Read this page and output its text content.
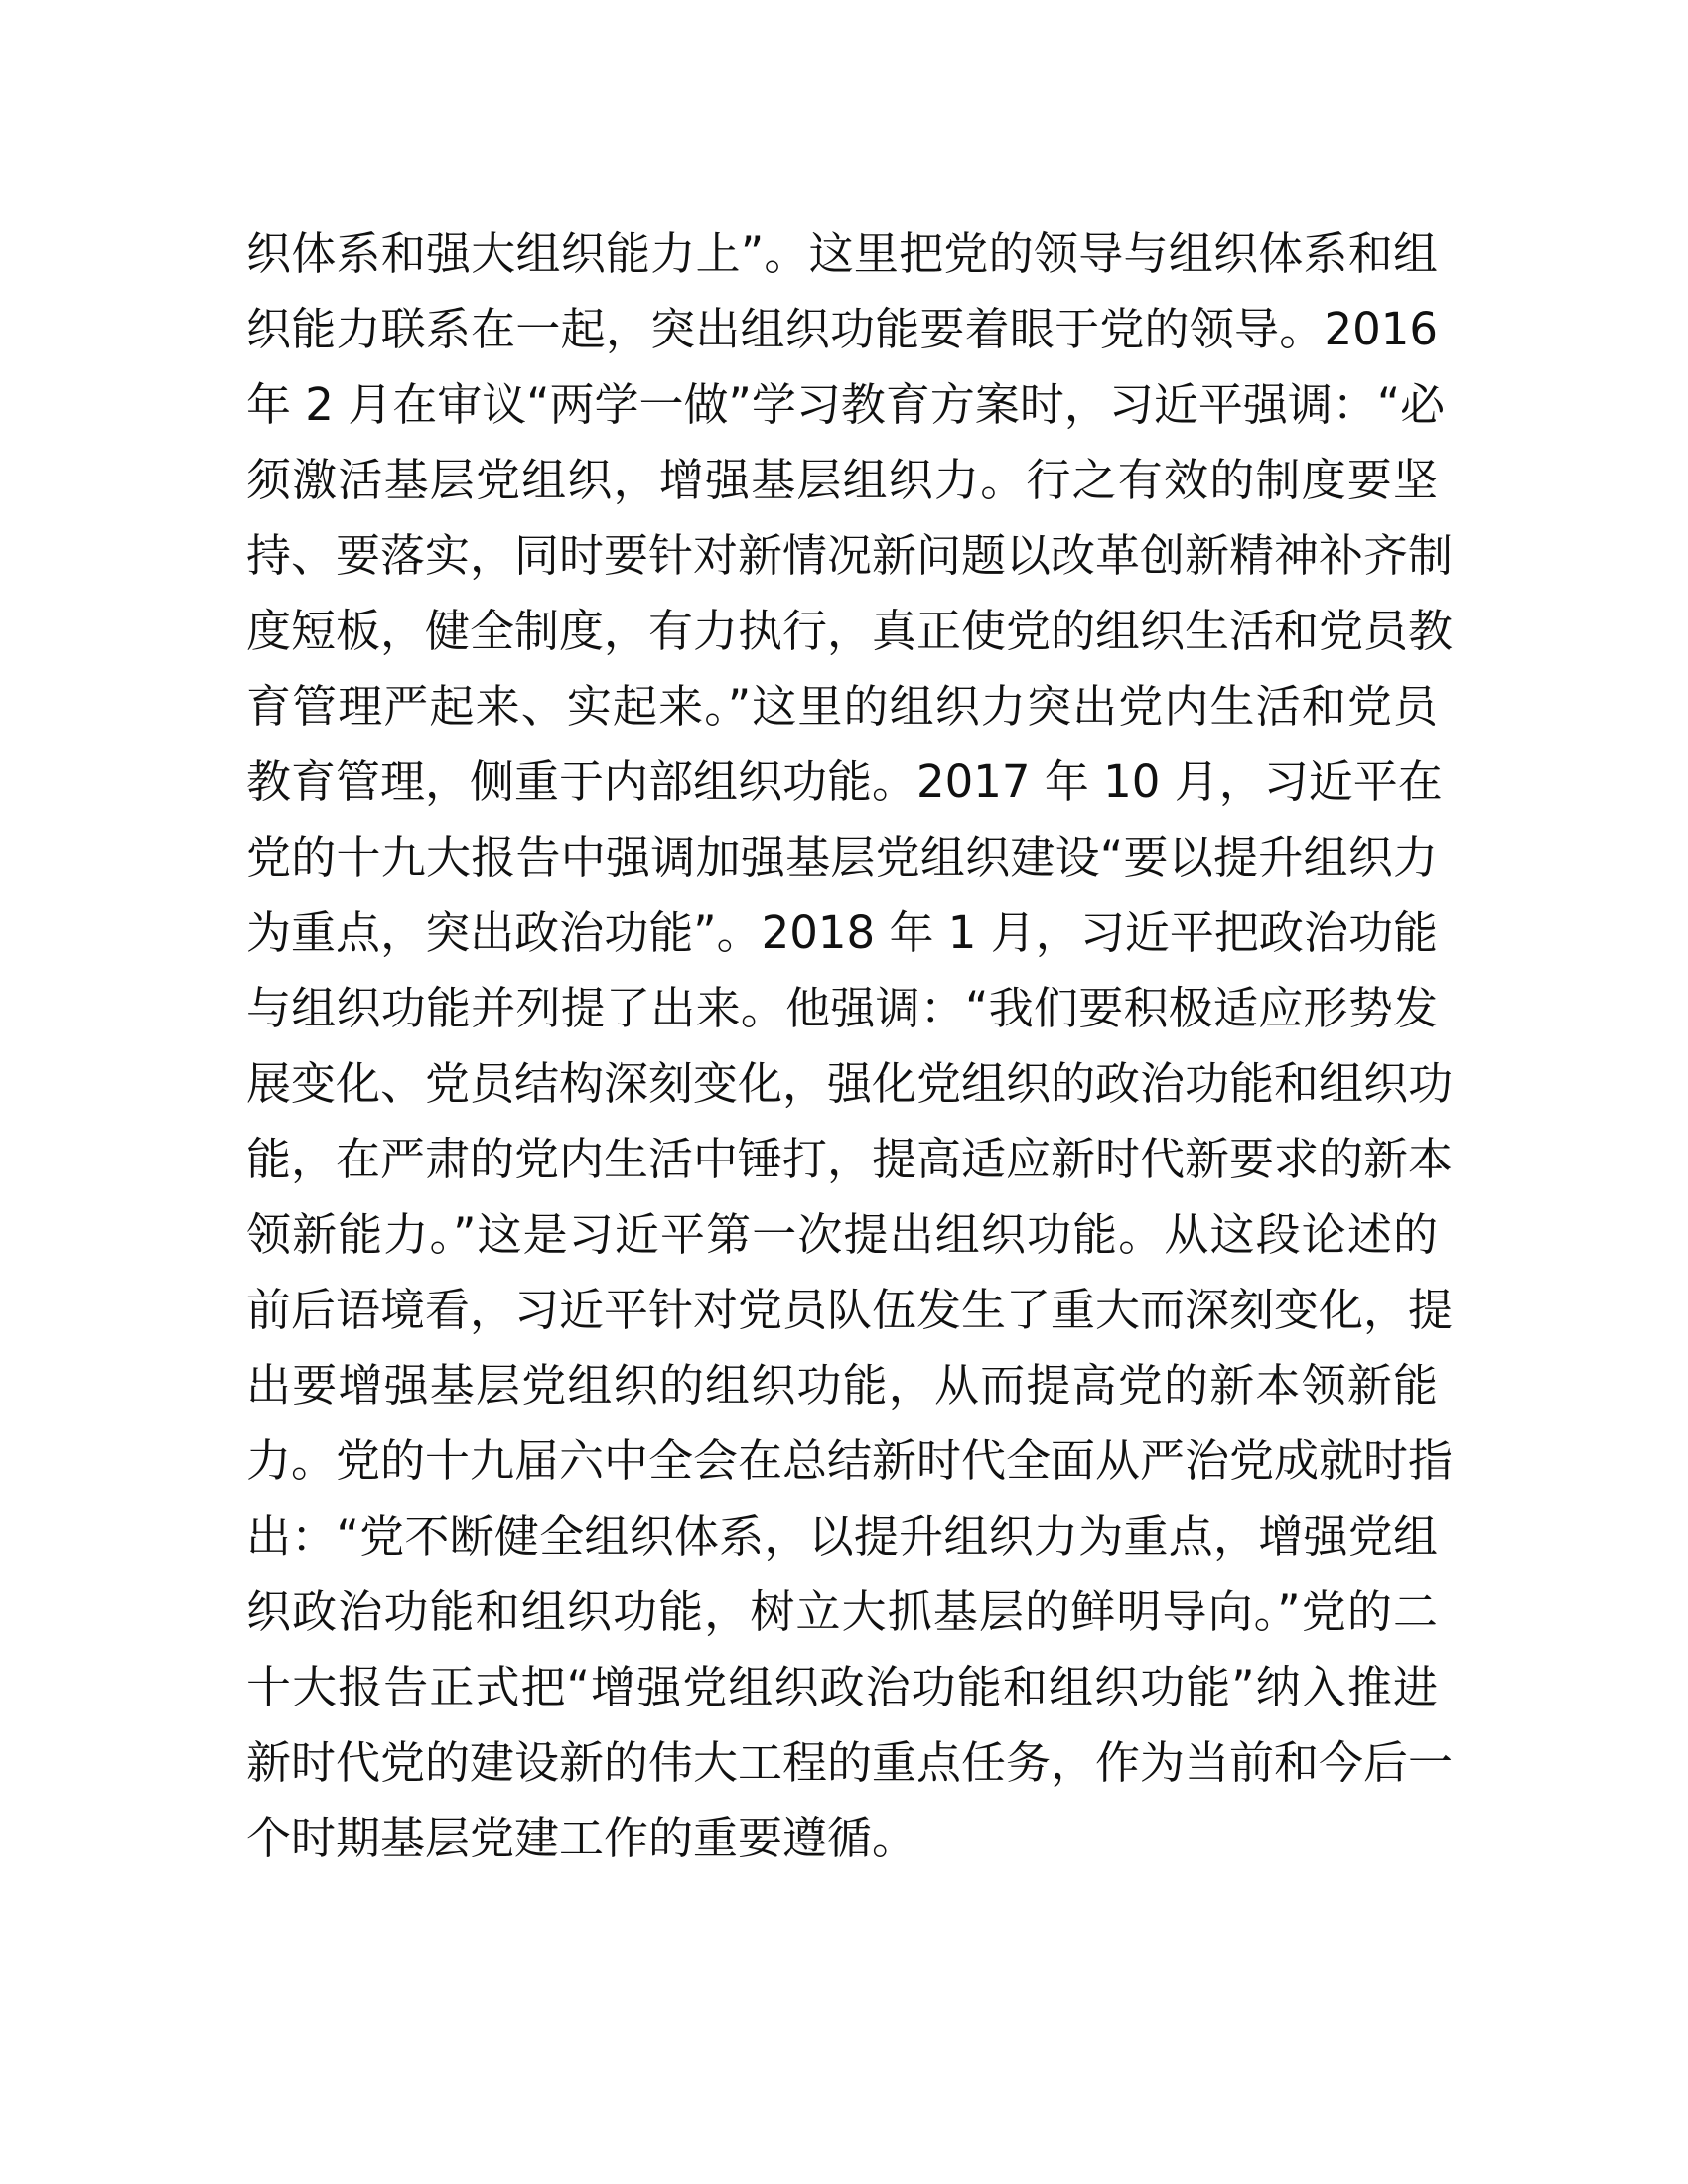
织体系和强大组织能力上”。这里把党的领导与组织体系和组
织能力联系在一起，突出组织功能要着眼于党的领导。2016
年 2 月在审议“两学一做”学习教育方案时，习近平强调：“必
须激活基层党组织，增强基层组织力。行之有效的制度要坚
持、要落实，同时要针对新情况新问题以改革创新精神补齐制
度短板，健全制度，有力执行，真正使党的组织生活和党员教
育管理严起来、实起来。”这里的组织力突出党内生活和党员
教育管理，侧重于内部组织功能。2017 年 10 月，习近平在
党的十九大报告中强调加强基层党组织建设“要以提升组织力
为重点，突出政治功能”。2018 年 1 月，习近平把政治功能
与组织功能并列提了出来。他强调：“我们要积极适应形势发
展变化、党员结构深刻变化，强化党组织的政治功能和组织功
能，在严肃的党内生活中锤打，提高适应新时代新要求的新本
领新能力。”这是习近平第一次提出组织功能。从这段论述的
前后语境看，习近平针对党员队伍发生了重大而深刻变化，提
出要增强基层党组织的组织功能，从而提高党的新本领新能
力。党的十九届六中全会在总结新时代全面从严治党成就时指
出：“党不断健全组织体系，以提升组织力为重点，增强党组
织政治功能和组织功能，树立大抓基层的鲜明导向。”党的二
十大报告正式把“增强党组织政治功能和组织功能”纳入推进
新时代党的建设新的伟大工程的重点任务，作为当前和今后一
个时期基层党建工作的重要遵循。
